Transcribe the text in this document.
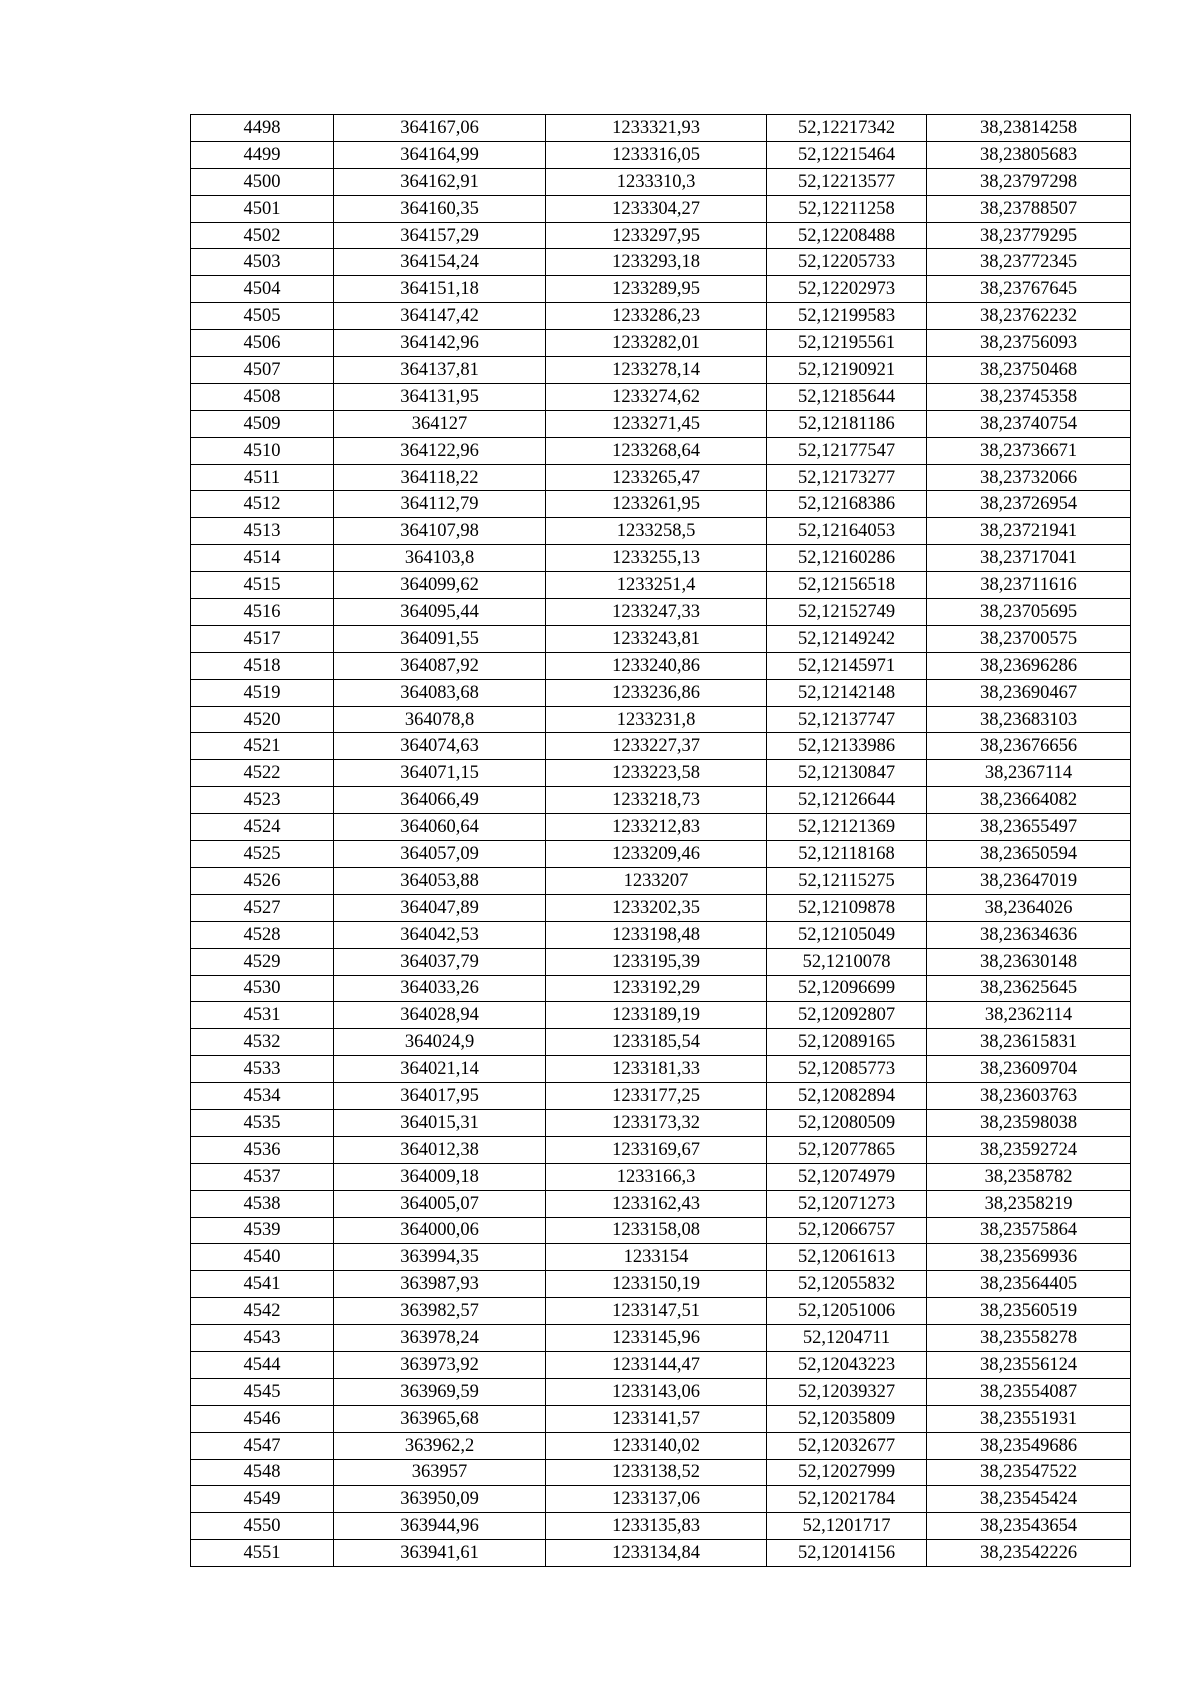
4498	364167,06	1233321,93	52,12217342	38,23814258
4499	364164,99	1233316,05	52,12215464	38,23805683
4500	364162,91	1233310,3	52,12213577	38,23797298
4501	364160,35	1233304,27	52,12211258	38,23788507
4502	364157,29	1233297,95	52,12208488	38,23779295
4503	364154,24	1233293,18	52,12205733	38,23772345
4504	364151,18	1233289,95	52,12202973	38,23767645
4505	364147,42	1233286,23	52,12199583	38,23762232
4506	364142,96	1233282,01	52,12195561	38,23756093
4507	364137,81	1233278,14	52,12190921	38,23750468
4508	364131,95	1233274,62	52,12185644	38,23745358
4509	364127	1233271,45	52,12181186	38,23740754
4510	364122,96	1233268,64	52,12177547	38,23736671
4511	364118,22	1233265,47	52,12173277	38,23732066
4512	364112,79	1233261,95	52,12168386	38,23726954
4513	364107,98	1233258,5	52,12164053	38,23721941
4514	364103,8	1233255,13	52,12160286	38,23717041
4515	364099,62	1233251,4	52,12156518	38,23711616
4516	364095,44	1233247,33	52,12152749	38,23705695
4517	364091,55	1233243,81	52,12149242	38,23700575
4518	364087,92	1233240,86	52,12145971	38,23696286
4519	364083,68	1233236,86	52,12142148	38,23690467
4520	364078,8	1233231,8	52,12137747	38,23683103
4521	364074,63	1233227,37	52,12133986	38,23676656
4522	364071,15	1233223,58	52,12130847	38,2367114
4523	364066,49	1233218,73	52,12126644	38,23664082
4524	364060,64	1233212,83	52,12121369	38,23655497
4525	364057,09	1233209,46	52,12118168	38,23650594
4526	364053,88	1233207	52,12115275	38,23647019
4527	364047,89	1233202,35	52,12109878	38,2364026
4528	364042,53	1233198,48	52,12105049	38,23634636
4529	364037,79	1233195,39	52,1210078	38,23630148
4530	364033,26	1233192,29	52,12096699	38,23625645
4531	364028,94	1233189,19	52,12092807	38,2362114
4532	364024,9	1233185,54	52,12089165	38,23615831
4533	364021,14	1233181,33	52,12085773	38,23609704
4534	364017,95	1233177,25	52,12082894	38,23603763
4535	364015,31	1233173,32	52,12080509	38,23598038
4536	364012,38	1233169,67	52,12077865	38,23592724
4537	364009,18	1233166,3	52,12074979	38,2358782
4538	364005,07	1233162,43	52,12071273	38,2358219
4539	364000,06	1233158,08	52,12066757	38,23575864
4540	363994,35	1233154	52,12061613	38,23569936
4541	363987,93	1233150,19	52,12055832	38,23564405
4542	363982,57	1233147,51	52,12051006	38,23560519
4543	363978,24	1233145,96	52,1204711	38,23558278
4544	363973,92	1233144,47	52,12043223	38,23556124
4545	363969,59	1233143,06	52,12039327	38,23554087
4546	363965,68	1233141,57	52,12035809	38,23551931
4547	363962,2	1233140,02	52,12032677	38,23549686
4548	363957	1233138,52	52,12027999	38,23547522
4549	363950,09	1233137,06	52,12021784	38,23545424
4550	363944,96	1233135,83	52,1201717	38,23543654
4551	363941,61	1233134,84	52,12014156	38,23542226
